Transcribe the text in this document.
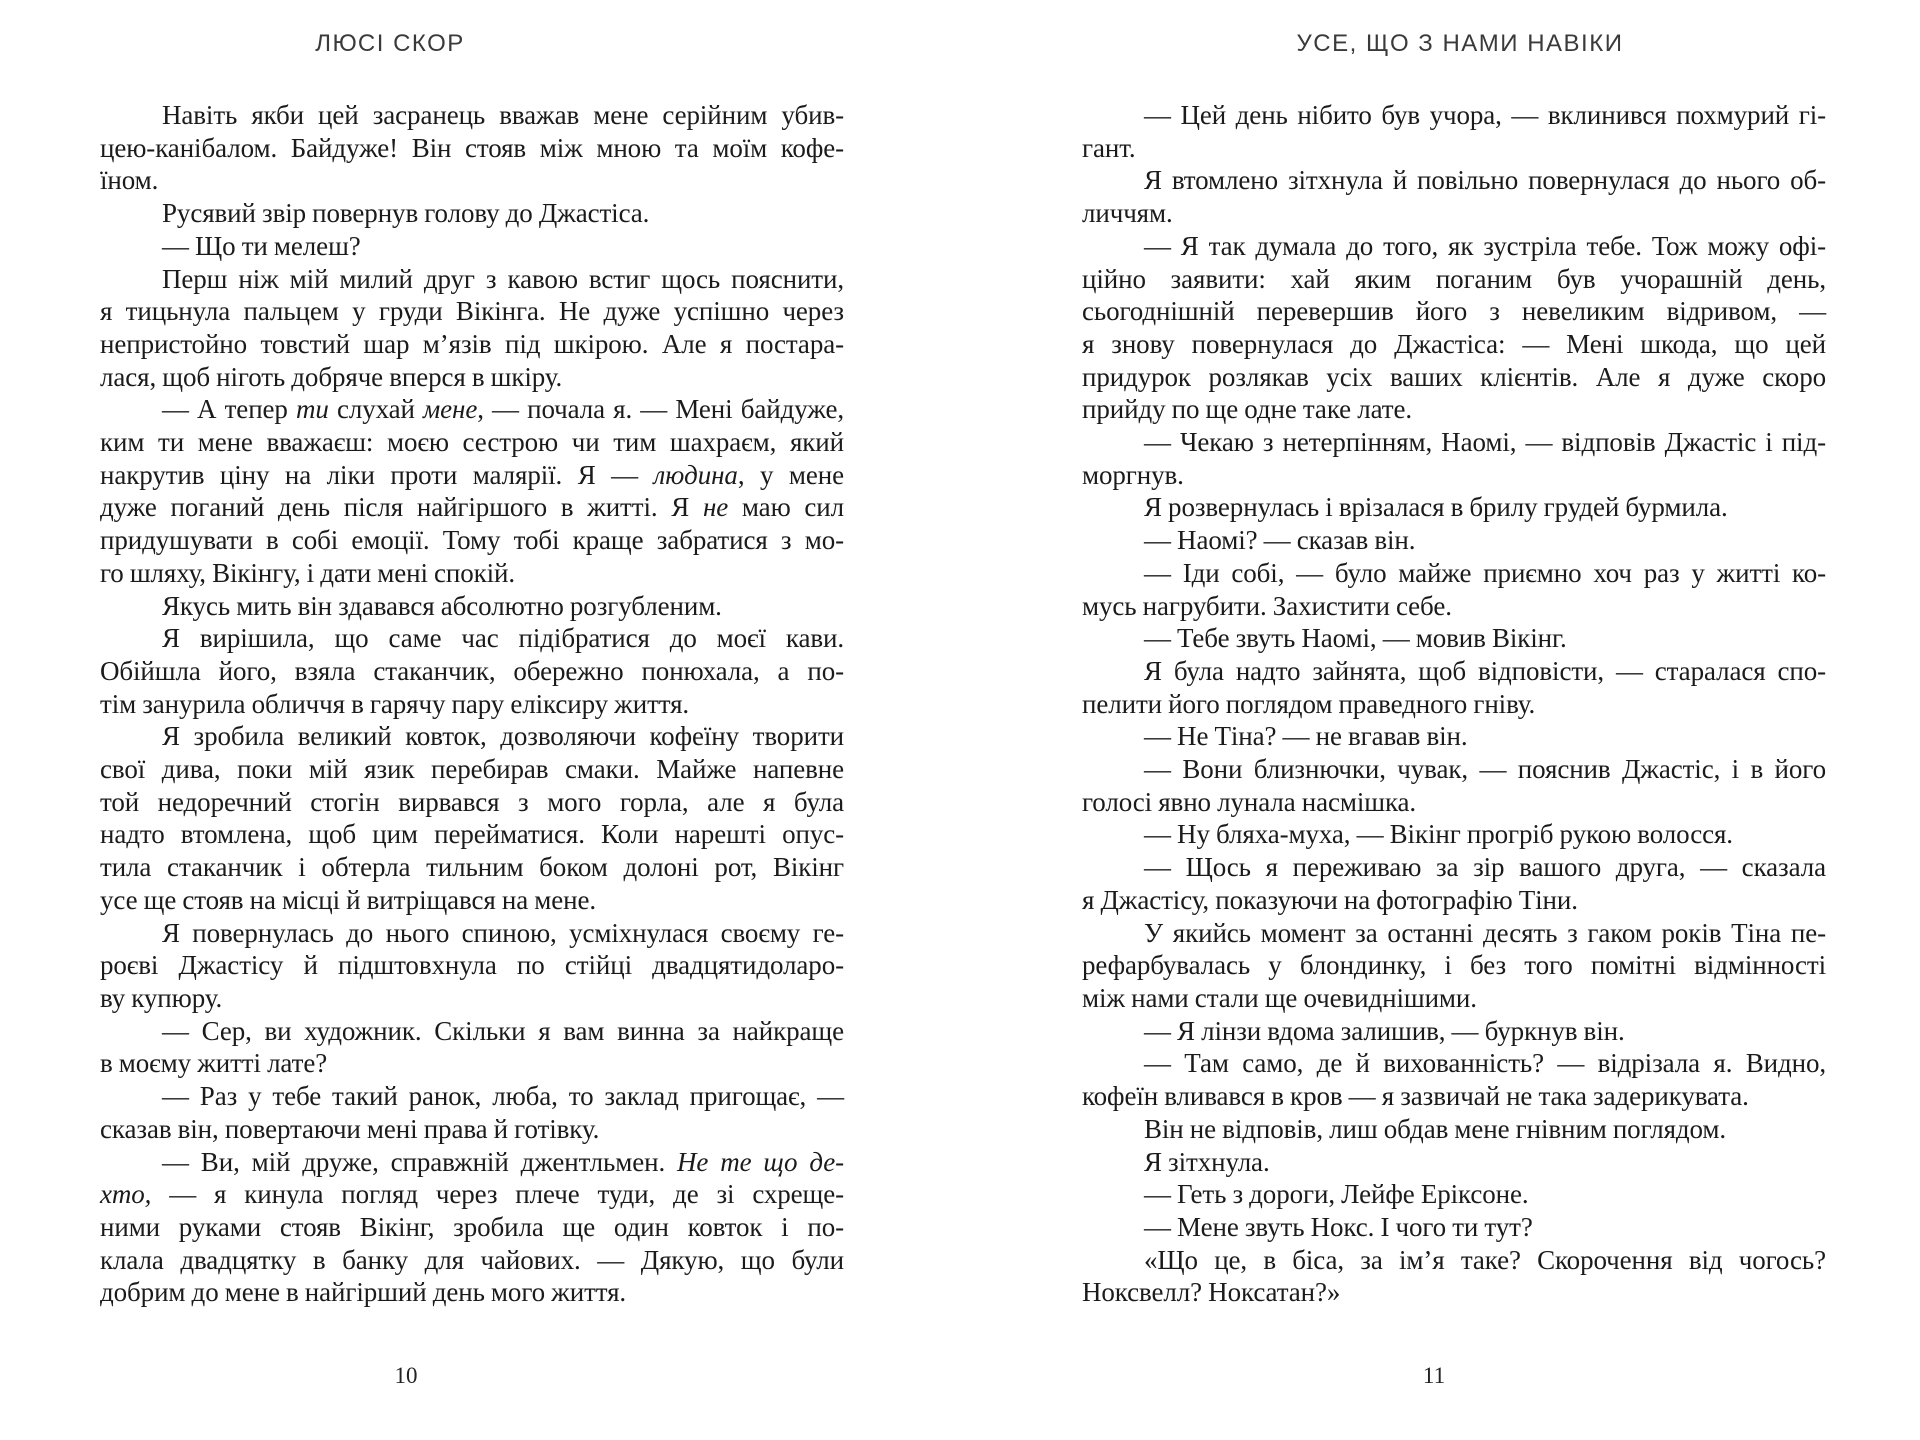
ЛЮСІ СКОР
Навіть якби цей засранець вважав мене серійним убив-
цею-канібалом. Байдуже! Він стояв між мною та моїм кофе-
їном.
Русявий звір повернув голову до Джастіса.
— Що ти мелеш?
Перш ніж мій милий друг з кавою встиг щось пояснити,
я тицьнула пальцем у груди Вікінга. Не дуже успішно через
непристойно товстий шар м’язів під шкірою. Але я постара-
лася, щоб ніготь добряче вперся в шкіру.
— А тепер ти слухай мене, — почала я. — Мені байдуже,
ким ти мене вважаєш: моєю сестрою чи тим шахраєм, який
накрутив ціну на ліки проти малярії. Я — людина, у мене
дуже поганий день після найгіршого в житті. Я не маю сил
придушувати в собі емоції. Тому тобі краще забратися з мо-
го шляху, Вікінгу, і дати мені спокій.
Якусь мить він здавався абсолютно розгубленим.
Я вирішила, що саме час підібратися до моєї кави.
Обійшла його, взяла стаканчик, обережно понюхала, а по-
тім занурила обличчя в гарячу пару еліксиру життя.
Я зробила великий ковток, дозволяючи кофеїну творити
свої дива, поки мій язик перебирав смаки. Майже напевне
той недоречний стогін вирвався з мого горла, але я була
надто втомлена, щоб цим перейматися. Коли нарешті опус-
тила стаканчик і обтерла тильним боком долоні рот, Вікінг
усе ще стояв на місці й витріщався на мене.
Я повернулась до нього спиною, усміхнулася своєму ге-
роєві Джастісу й підштовхнула по стійці двадцятидоларо-
ву купюру.
— Сер, ви художник. Скільки я вам винна за найкраще
в моєму житті лате?
— Раз у тебе такий ранок, люба, то заклад пригощає, —
сказав він, повертаючи мені права й готівку.
— Ви, мій друже, справжній джентльмен. Не те що де-
хто, — я кинула погляд через плече туди, де зі схреще-
ними руками стояв Вікінг, зробила ще один ковток і по-
клала двадцятку в банку для чайових. — Дякую, що були
добрим до мене в найгірший день мого життя.
10
УСЕ, ЩО З НАМИ НАВІКИ
— Цей день нібито був учора, — вклинився похмурий гі-
гант.
Я втомлено зітхнула й повільно повернулася до нього об-
личчям.
— Я так думала до того, як зустріла тебе. Тож можу офі-
ційно заявити: хай яким поганим був учорашній день,
сьогоднішній перевершив його з невеликим відривом, —
я знову повернулася до Джастіса: — Мені шкода, що цей
придурок розлякав усіх ваших клієнтів. Але я дуже скоро
прийду по ще одне таке лате.
— Чекаю з нетерпінням, Наомі, — відповів Джастіс і під-
моргнув.
Я розвернулась і врізалася в брилу грудей бурмила.
— Наомі? — сказав він.
— Іди собі, — було майже приємно хоч раз у житті ко-
мусь нагрубити. Захистити себе.
— Тебе звуть Наомі, — мовив Вікінг.
Я була надто зайнята, щоб відповісти, — старалася спо-
пелити його поглядом праведного гніву.
— Не Тіна? — не вгавав він.
— Вони близнючки, чувак, — пояснив Джастіс, і в його
голосі явно лунала насмішка.
— Ну бляха-муха, — Вікінг прогріб рукою волосся.
— Щось я переживаю за зір вашого друга, — сказала
я Джастісу, показуючи на фотографію Тіни.
У якийсь момент за останні десять з гаком років Тіна пе-
рефарбувалась у блондинку, і без того помітні відмінності
між нами стали ще очевиднішими.
— Я лінзи вдома залишив, — буркнув він.
— Там само, де й вихованність? — відрізала я. Видно,
кофеїн вливався в кров — я зазвичай не така задерикувата.
Він не відповів, лиш обдав мене гнівним поглядом.
Я зітхнула.
— Геть з дороги, Лейфе Еріксоне.
— Мене звуть Нокс. І чого ти тут?
«Що це, в біса, за ім’я таке? Скорочення від чогось?
Ноксвелл? Ноксатан?»
11
